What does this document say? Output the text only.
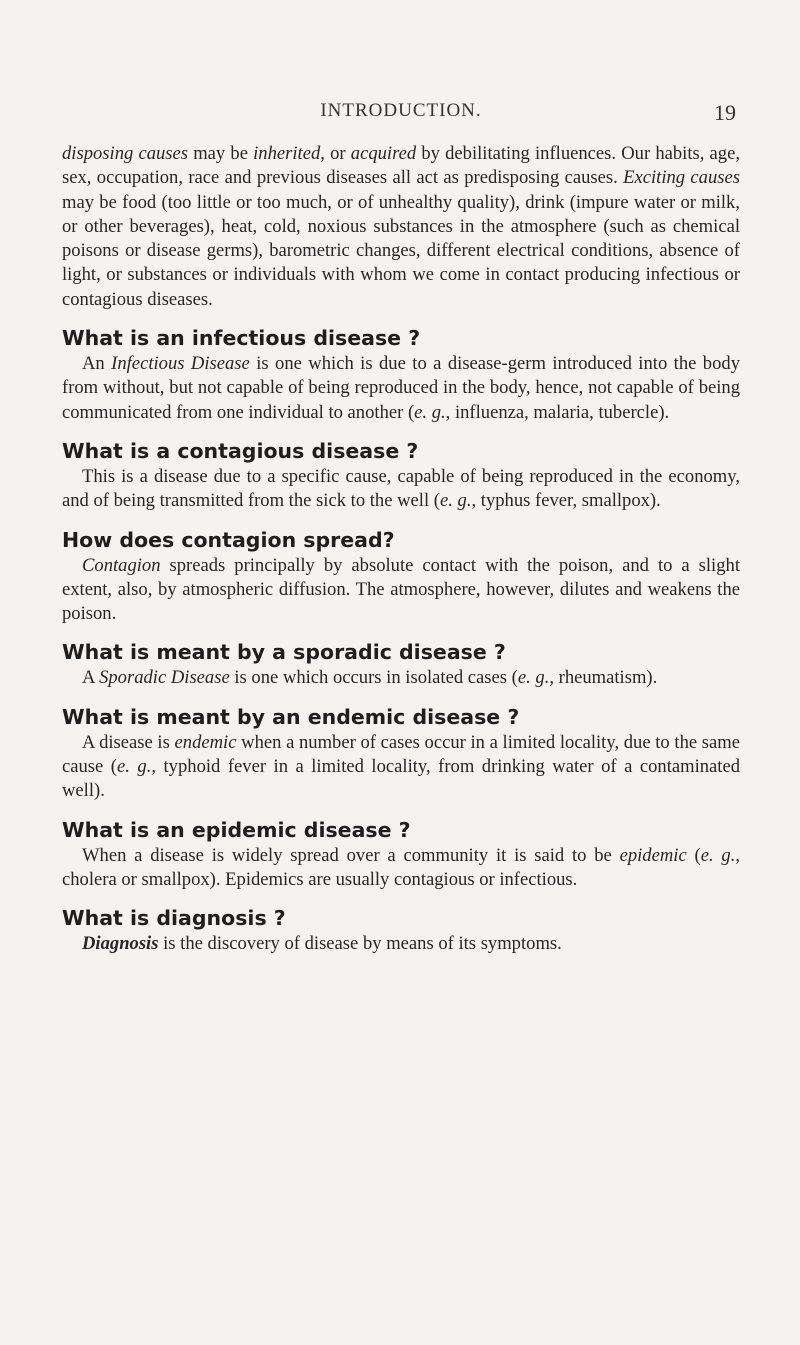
INTRODUCTION.	19

disposing causes may be inherited, or acquired by debilitating influences. Our habits, age, sex, occupation, race and previous diseases all act as predisposing causes. Exciting causes may be food (too little or too much, or of unhealthy quality), drink (impure water or milk, or other beverages), heat, cold, noxious substances in the atmosphere (such as chemical poisons or disease germs), barometric changes, different electrical conditions, absence of light, or substances or individuals with whom we come in contact producing infectious or contagious diseases.

What is an infectious disease ?

An Infectious Disease is one which is due to a disease-germ introduced into the body from without, but not capable of being reproduced in the body, hence, not capable of being communicated from one individual to another (e. g., influenza, malaria, tubercle).

What is a contagious disease ?

This is a disease due to a specific cause, capable of being reproduced in the economy, and of being transmitted from the sick to the well (e. g., typhus fever, smallpox).

How does contagion spread?

Contagion spreads principally by absolute contact with the poison, and to a slight extent, also, by atmospheric diffusion. The atmosphere, however, dilutes and weakens the poison.

What is meant by a sporadic disease ?

A Sporadic Disease is one which occurs in isolated cases (e. g., rheumatism).

What is meant by an endemic disease ?

A disease is endemic when a number of cases occur in a limited locality, due to the same cause (e. g., typhoid fever in a limited locality, from drinking water of a contaminated well).

What is an epidemic disease ?

When a disease is widely spread over a community it is said to be epidemic (e. g., cholera or smallpox). Epidemics are usually contagious or infectious.

What is diagnosis ?

Diagnosis is the discovery of disease by means of its symptoms.
